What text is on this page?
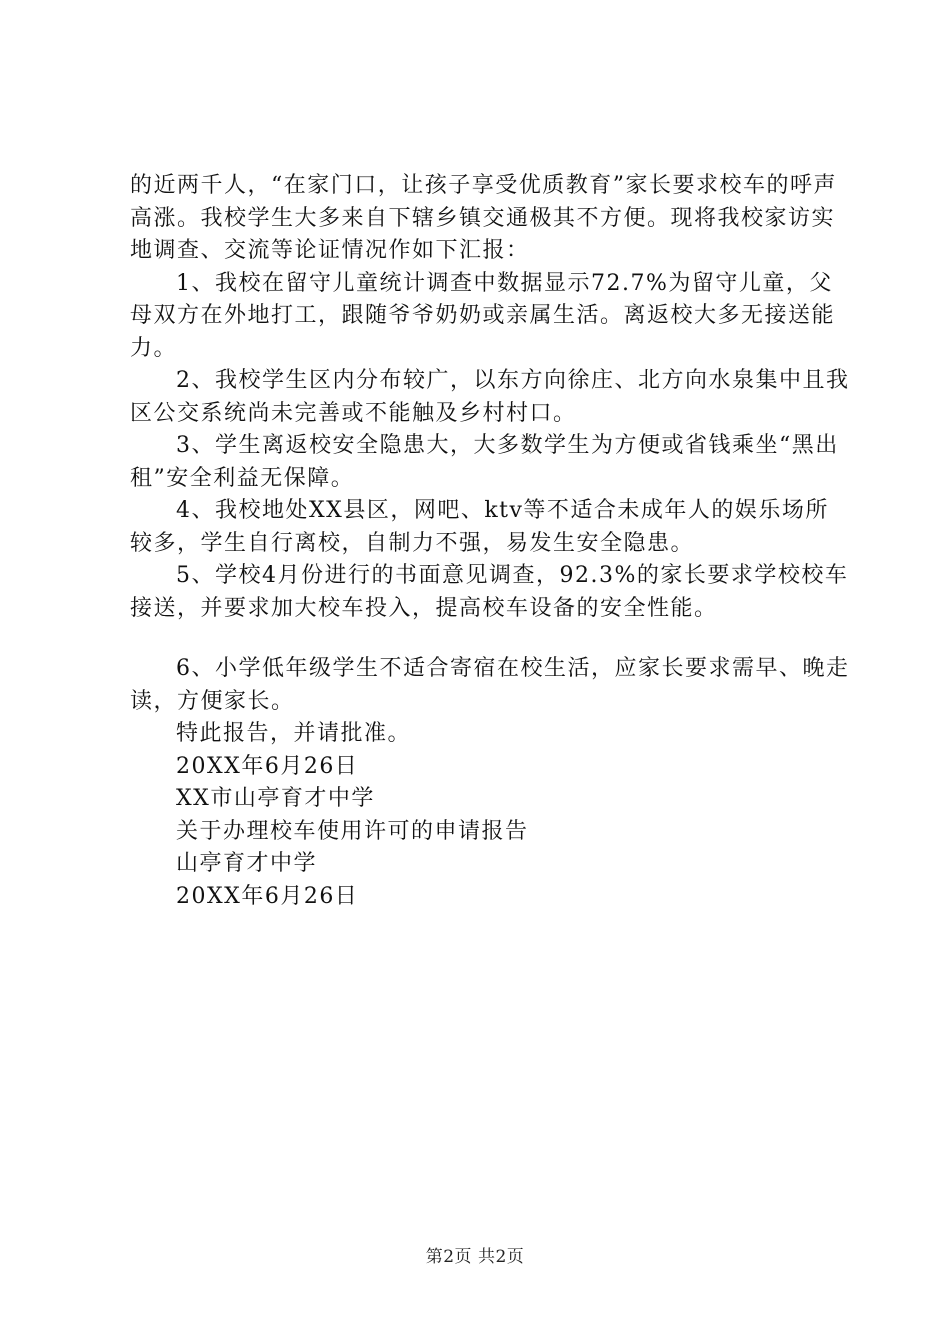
的近两千人，“在家门口，让孩子享受优质教育”家长要求校车的呼声高涨。我校学生大多来自下辖乡镇交通极其不方便。现将我校家访实地调查、交流等论证情况作如下汇报：

1、我校在留守儿童统计调查中数据显示72.7%为留守儿童，父母双方在外地打工，跟随爷爷奶奶或亲属生活。离返校大多无接送能力。

2、我校学生区内分布较广，以东方向徐庄、北方向水泉集中且我区公交系统尚未完善或不能触及乡村村口。

3、学生离返校安全隐患大，大多数学生为方便或省钱乘坐“黑出租”安全利益无保障。

4、我校地处XX县区，网吧、ktv等不适合未成年人的娱乐场所较多，学生自行离校，自制力不强，易发生安全隐患。

5、学校4月份进行的书面意见调查，92.3%的家长要求学校校车接送，并要求加大校车投入，提高校车设备的安全性能。

6、小学低年级学生不适合寄宿在校生活，应家长要求需早、晚走读，方便家长。

特此报告，并请批准。

20XX年6月26日

XX市山亭育才中学

关于办理校车使用许可的申请报告

山亭育才中学

20XX年6月26日

第2页 共2页
